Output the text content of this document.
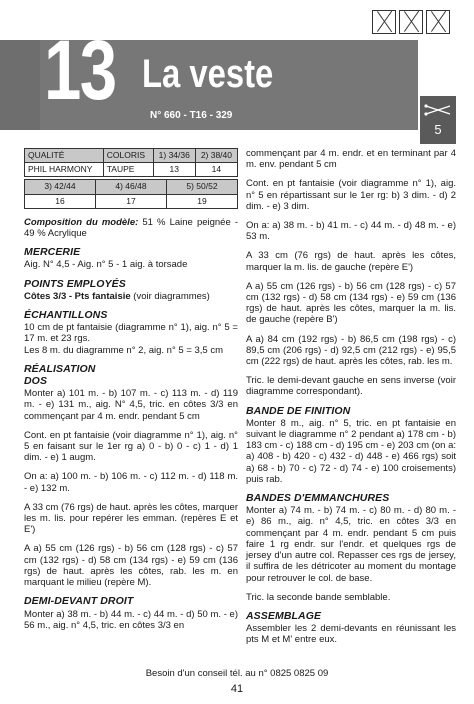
13 La veste
N° 660 - T16 - 329
5
QUALITÉ	COLORIS	1) 34/36	2) 38/40
PHIL HARMONY	TAUPE	13	14
3) 42/44	4) 46/48	5) 50/52
16	17	19

Composition du modèle: 51 % Laine peignée - 49 % Acrylique

MERCERIE

Aig. N° 4,5 - Aig. n° 5 - 1 aig. à torsade

POINTS EMPLOYÉS

Côtes 3/3 - Pts fantaisie (voir diagrammes)

ÉCHANTILLONS

10 cm de pt fantaisie (diagramme n° 1), aig. n° 5 = 17 m. et 23 rgs.

Les 8 m. du diagramme n° 2, aig. n° 5 = 3,5 cm

RÉALISATION
DOS

Monter a) 101 m. - b) 107 m. - c) 113 m. - d) 119 m. - e) 131 m., aig. N° 4,5, tric. en côtes 3/3 en commençant par 4 m. endr. pendant 5 cm

Cont. en pt fantaisie (voir diagramme n° 1), aig. n° 5 en faisant sur le 1er rg a) 0 - b) 0 - c) 1 - d) 1 dim. - e) 1 augm.

On a: a) 100 m. - b) 106 m. - c) 112 m. - d) 118 m. - e) 132 m.

A 33 cm (76 rgs) de haut. après les côtes, marquer les m. lis. pour repérer les emman. (repères E et E')

A a) 55 cm (126 rgs) - b) 56 cm (128 rgs) - c) 57 cm (132 rgs) - d) 58 cm (134 rgs) - e) 59 cm (136 rgs) de haut. après les côtes, rab. les m. en marquant le milieu (repère M).

DEMI-DEVANT DROIT

Monter a) 38 m. - b) 44 m. - c) 44 m. - d) 50 m. - e) 56 m., aig. n° 4,5, tric. en côtes 3/3 en

commençant par 4 m. endr. et en terminant par 4 m. env. pendant 5 cm

Cont. en pt fantaisie (voir diagramme n° 1), aig. n° 5 en répartissant sur le 1er rg: b) 3 dim. - d) 2 dim. - e) 3 dim.

On a: a) 38 m. - b) 41 m. - c) 44 m. - d) 48 m. - e) 53 m.

A 33 cm (76 rgs) de haut. après les côtes, marquer la m. lis. de gauche (repère E')

A a) 55 cm (126 rgs) - b) 56 cm (128 rgs) - c) 57 cm (132 rgs) - d) 58 cm (134 rgs) - e) 59 cm (136 rgs) de haut. après les côtes, marquer la m. lis. de gauche (repère B')

A a) 84 cm (192 rgs) - b) 86,5 cm (198 rgs) - c) 89,5 cm (206 rgs) - d) 92,5 cm (212 rgs) - e) 95,5 cm (222 rgs) de haut. après les côtes, rab. les m.

Tric. le demi-devant gauche en sens inverse (voir diagramme correspondant).

BANDE DE FINITION

Monter 8 m., aig. n° 5, tric. en pt fantaisie en suivant le diagramme n° 2 pendant a) 178 cm - b) 183 cm - c) 188 cm - d) 195 cm - e) 203 cm (on a: a) 408 - b) 420 - c) 432 - d) 448 - e) 466 rgs) soit a) 68 - b) 70 - c) 72 - d) 74 - e) 100 croisements) puis rab.

BANDES D'EMMANCHURES

Monter a) 74 m. - b) 74 m. - c) 80 m. - d) 80 m. - e) 86 m., aig. n° 4,5, tric. en côtes 3/3 en commençant par 4 m. endr. pendant 5 cm puis faire 1 rg endr. sur l'endr. et quelques rgs de jersey d'un autre col. Repasser ces rgs de jersey, il suffira de les détricoter au moment du montage pour retrouver le col. de base.

Tric. la seconde bande semblable.

ASSEMBLAGE

Assembler les 2 demi-devants en réunissant les pts M et M' entre eux.

Besoin d'un conseil tél. au n° 0825 0825 09
41
